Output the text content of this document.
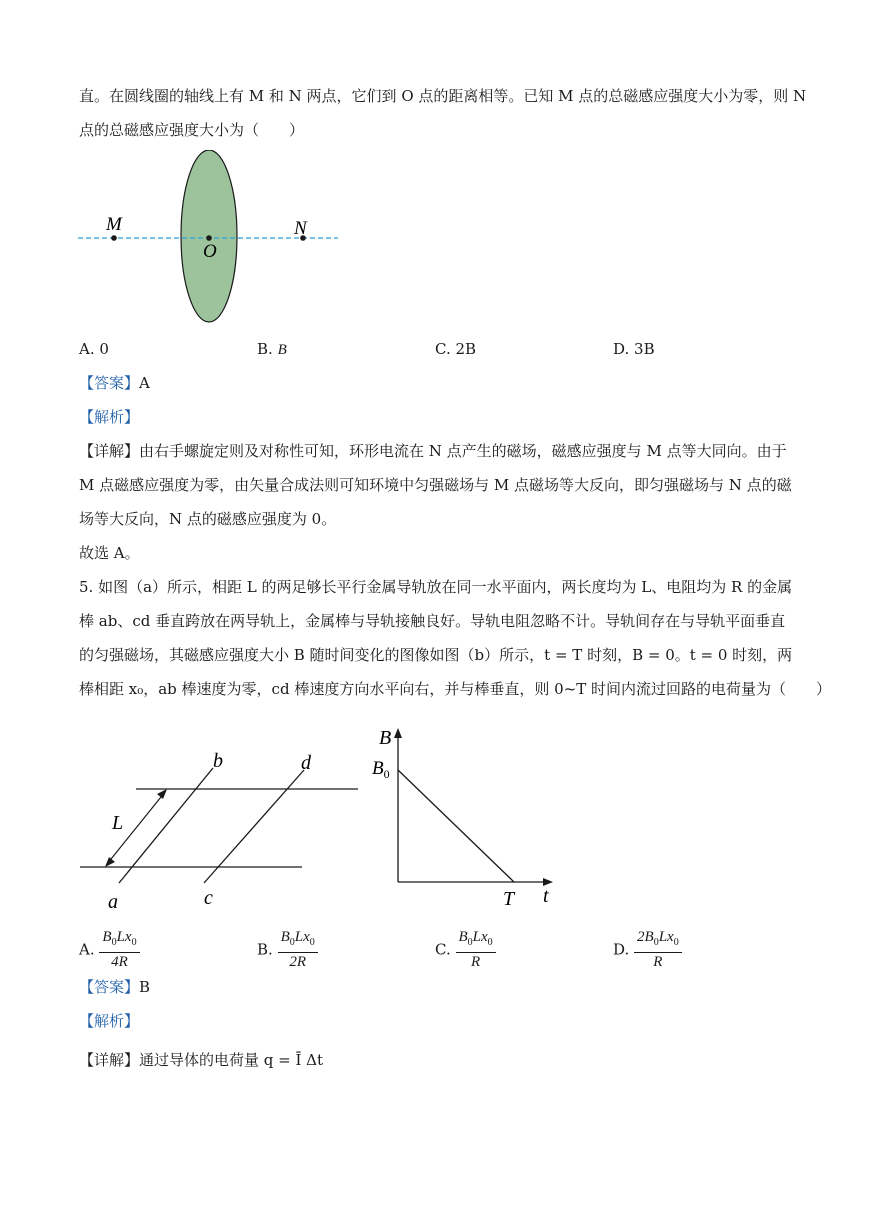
直。在圆线圈的轴线上有 M 和 N 两点，它们到 O 点的距离相等。已知 M 点的总磁感应强度大小为零，则 N
点的总磁感应强度大小为（　　）
M
O
N
A. 0	B. B	C. 2B	D. 3B
【答案】A
【解析】
【详解】由右手螺旋定则及对称性可知，环形电流在 N 点产生的磁场，磁感应强度与 M 点等大同向。由于
M 点磁感应强度为零，由矢量合成法则可知环境中匀强磁场与 M 点磁场等大反向，即匀强磁场与 N 点的磁
场等大反向，N 点的磁感应强度为 0。
故选 A。
5. 如图（a）所示，相距 L 的两足够长平行金属导轨放在同一水平面内，两长度均为 L、电阻均为 R 的金属
棒 ab、cd 垂直跨放在两导轨上，金属棒与导轨接触良好。导轨电阻忽略不计。导轨间存在与导轨平面垂直
的匀强磁场，其磁感应强度大小 B 随时间变化的图像如图（b）所示，t = T 时刻，B = 0。t = 0 时刻，两
棒相距 x₀，ab 棒速度为零，cd 棒速度方向水平向右，并与棒垂直，则 0~T 时间内流过回路的电荷量为（　　）
b	d
L
a	c
B
$B_0$
T t
A. $\frac{B_0Lx_0}{4R}$	B. $\frac{B_0Lx_0}{2R}$	C. $\frac{B_0Lx_0}{R}$	D. $\frac{2B_0Lx_0}{R}$
【答案】B
【解析】
【详解】通过导体的电荷量 q = Ī Δt
